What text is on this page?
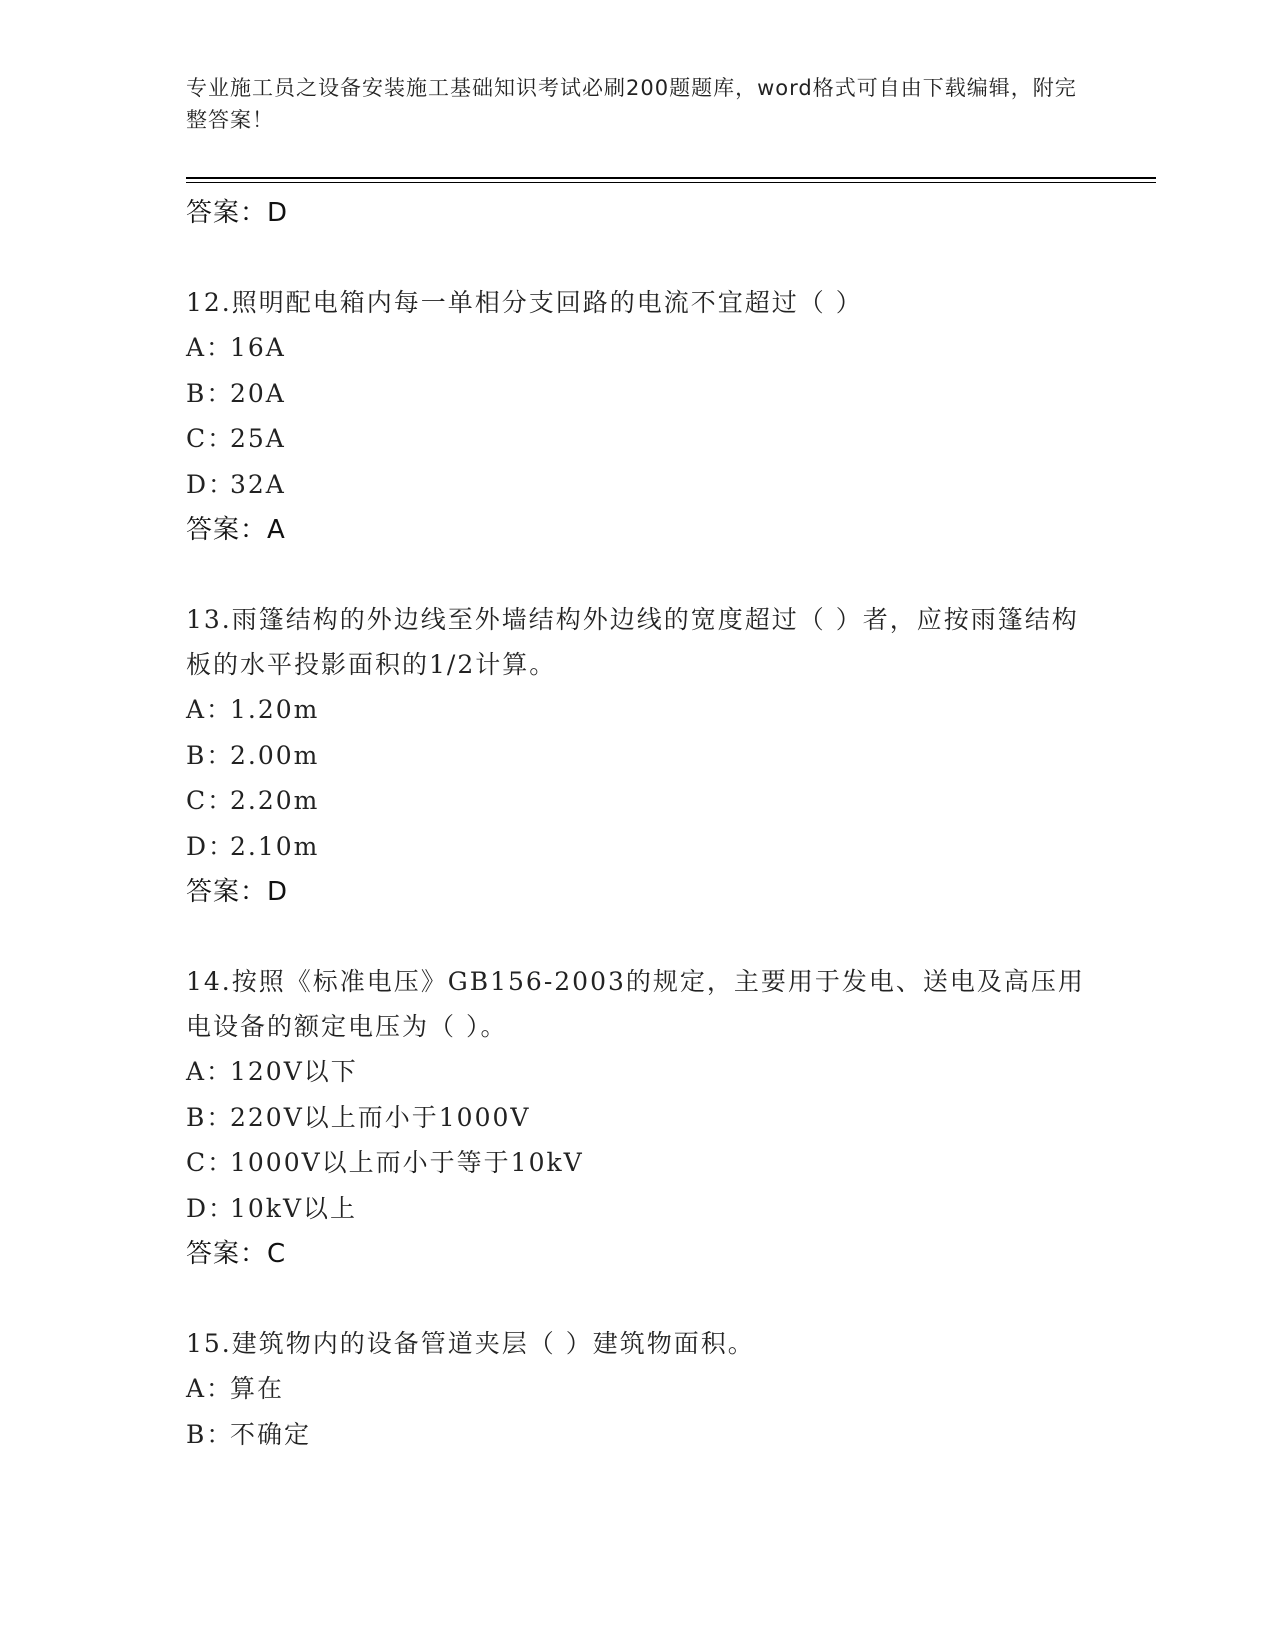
专业施工员之设备安装施工基础知识考试必刷200题题库，word格式可自由下载编辑，附完整答案！
答案：D
12.照明配电箱内每一单相分支回路的电流不宜超过（ ）
A：16A
B：20A
C：25A
D：32A
答案：A
13.雨篷结构的外边线至外墙结构外边线的宽度超过（ ）者，应按雨篷结构板的水平投影面积的1/2计算。
A：1.20m
B：2.00m
C：2.20m
D：2.10m
答案：D
14.按照《标准电压》GB156-2003的规定，主要用于发电、送电及高压用电设备的额定电压为（ ）。
A：120V以下
B：220V以上而小于1000V
C：1000V以上而小于等于10kV
D：10kV以上
答案：C
15.建筑物内的设备管道夹层（ ）建筑物面积。
A：算在
B：不确定
